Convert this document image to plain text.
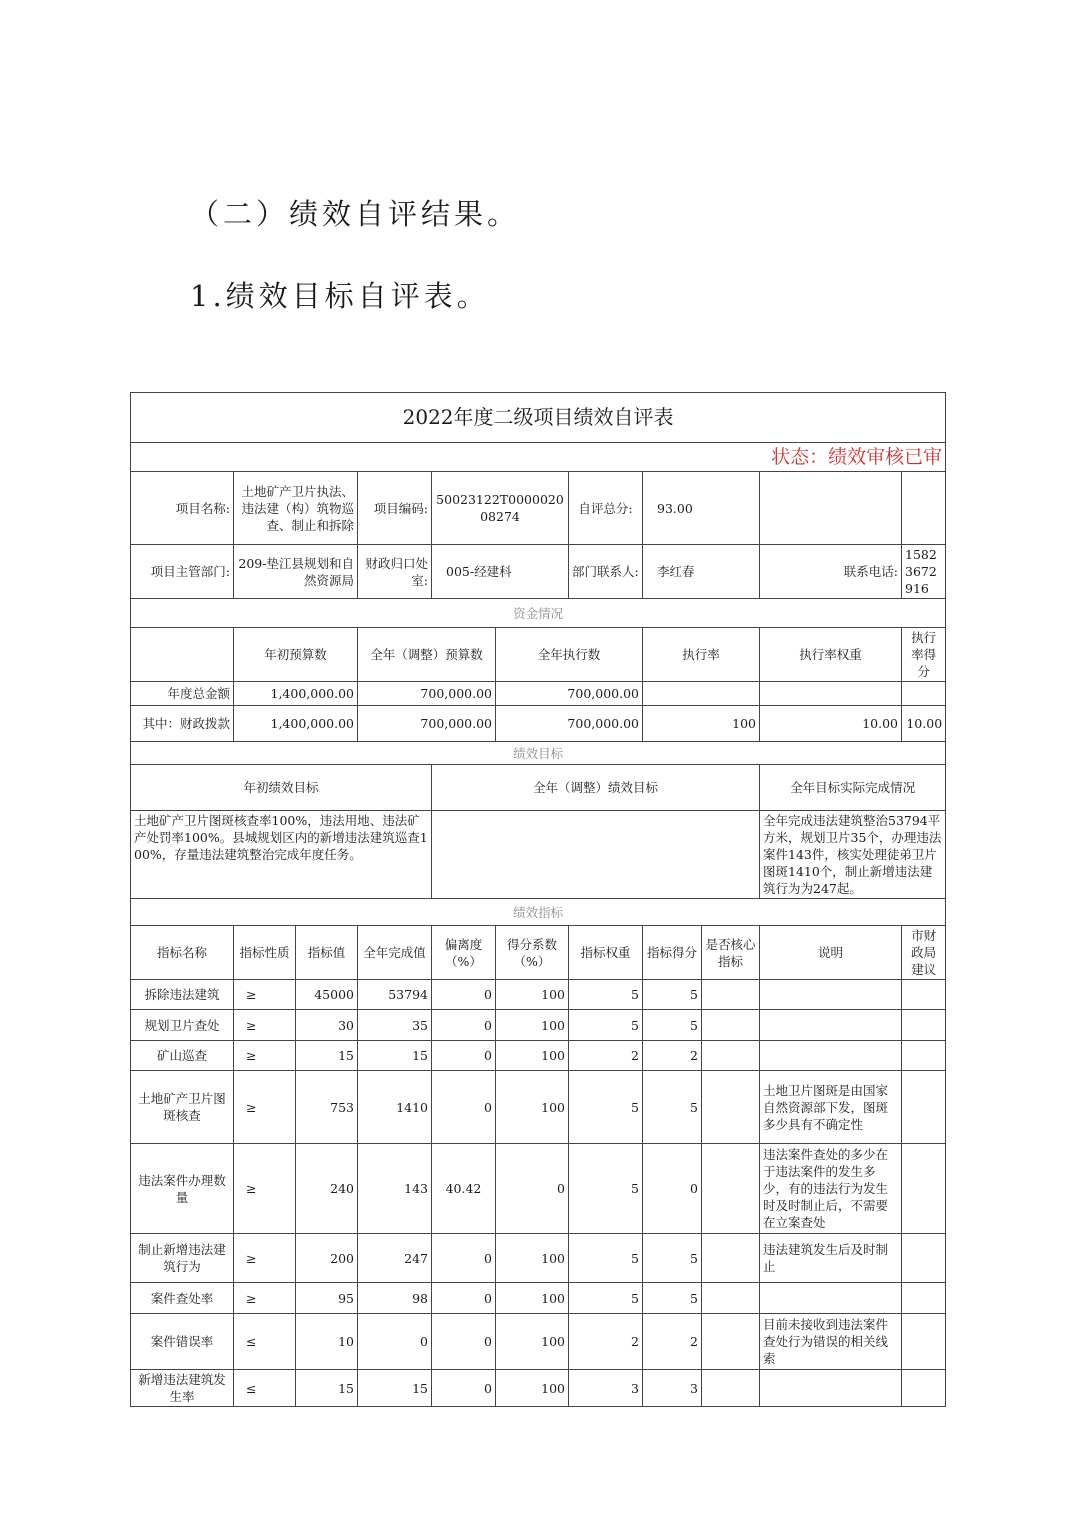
（二）绩效自评结果。
1.绩效目标自评表。
2022年度二级项目绩效自评表										
状态：绩效审核已审										
项目名称:	土地矿产卫片执法、违法建（构）筑物巡查、制止和拆除		项目编码:	50023122T000002008274		自评总分:	93.00			
项目主管部门:	209-垫江县规划和自然资源局		财政归口处室:	005-经建科		部门联系人:	李红春		联系电话:	15823672916
资金情况										
	年初预算数		全年（调整）预算数		全年执行数		执行率		执行率权重	执行率得分
年度总金额	1,400,000.00		700,000.00		700,000.00					
其中：财政拨款	1,400,000.00		700,000.00		700,000.00		100		10.00	10.00
绩效目标										
年初绩效目标				全年（调整）绩效目标					全年目标实际完成情况	
土地矿产卫片图斑核查率100%，违法用地、违法矿产处罚率100%。县城规划区内的新增违法建筑巡查100%，存量违法建筑整治完成年度任务。									全年完成违法建筑整治53794平方米，规划卫片35个，办理违法案件143件，核实处理徒弟卫片图斑1410个，制止新增违法建筑行为为247起。	
绩效指标										
指标名称	指标性质	指标值	全年完成值	偏离度（%）	得分系数（%）	指标权重	指标得分	是否核心指标	说明	市财政局建议
拆除违法建筑	≥	45000	53794	0	100	5	5			
规划卫片查处	≥	30	35	0	100	5	5			
矿山巡查	≥	15	15	0	100	2	2			
土地矿产卫片图斑核查	≥	753	1410	0	100	5	5		土地卫片图斑是由国家自然资源部下发，图斑多少具有不确定性	
违法案件办理数量	≥	240	143	40.42	0	5	0		违法案件查处的多少在于违法案件的发生多少，有的违法行为发生时及时制止后，不需要在立案查处	
制止新增违法建筑行为	≥	200	247	0	100	5	5		违法建筑发生后及时制止	
案件查处率	≥	95	98	0	100	5	5			
案件错误率	≤	10	0	0	100	2	2		目前未接收到违法案件查处行为错误的相关线索	
新增违法建筑发生率	≤	15	15	0	100	3	3			
